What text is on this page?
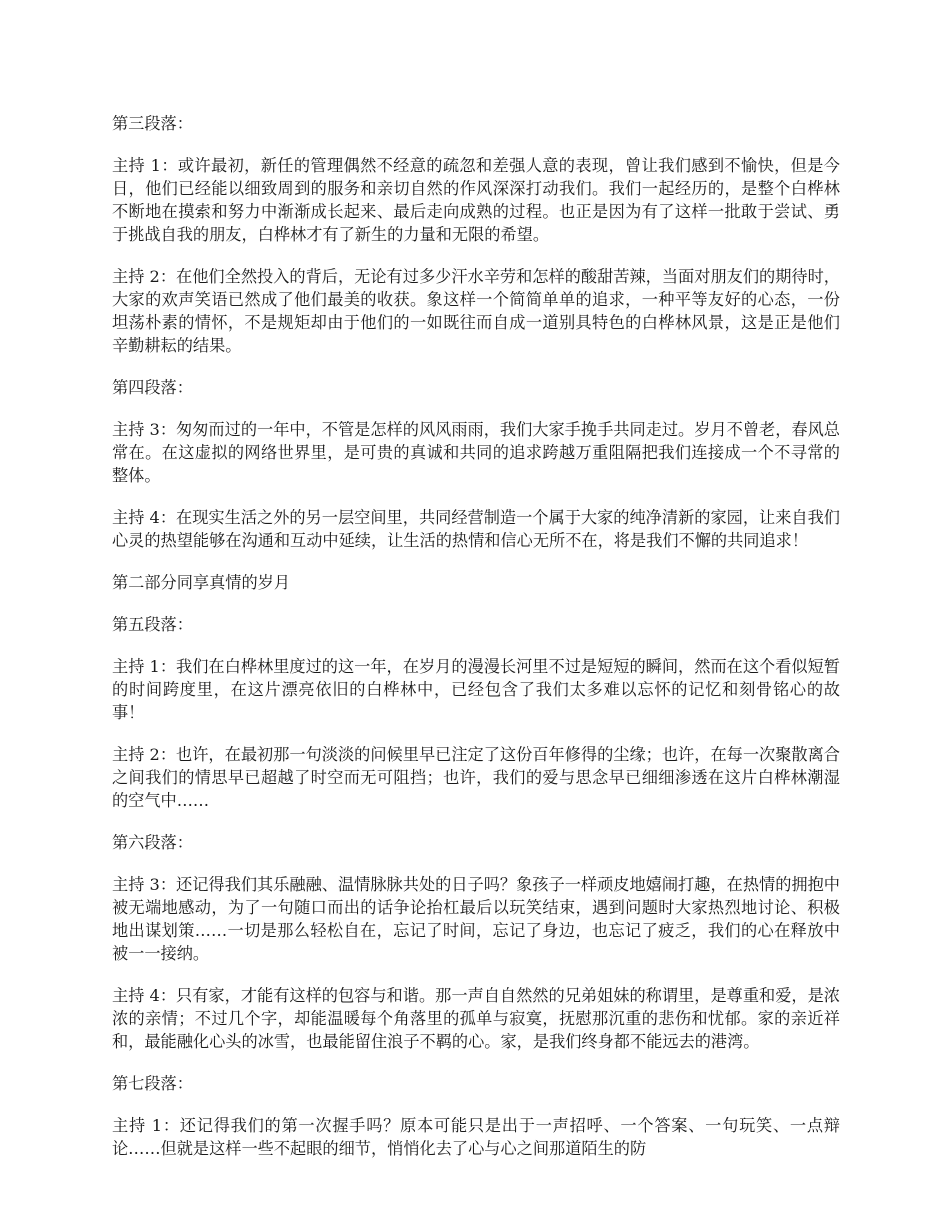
第三段落：

主持 1：或许最初，新任的管理偶然不经意的疏忽和差强人意的表现，曾让我们感到不愉快，但是今日，他们已经能以细致周到的服务和亲切自然的作风深深打动我们。我们一起经历的，是整个白桦林不断地在摸索和努力中渐渐成长起来、最后走向成熟的过程。也正是因为有了这样一批敢于尝试、勇于挑战自我的朋友，白桦林才有了新生的力量和无限的希望。

主持 2：在他们全然投入的背后，无论有过多少汗水辛劳和怎样的酸甜苦辣，当面对朋友们的期待时，大家的欢声笑语已然成了他们最美的收获。象这样一个简简单单的追求，一种平等友好的心态，一份坦荡朴素的情怀，不是规矩却由于他们的一如既往而自成一道别具特色的白桦林风景，这是正是他们辛勤耕耘的结果。

第四段落：

主持 3：匆匆而过的一年中，不管是怎样的风风雨雨，我们大家手挽手共同走过。岁月不曾老，春风总常在。在这虚拟的网络世界里，是可贵的真诚和共同的追求跨越万重阻隔把我们连接成一个不寻常的整体。

主持 4：在现实生活之外的另一层空间里，共同经营制造一个属于大家的纯净清新的家园，让来自我们心灵的热望能够在沟通和互动中延续，让生活的热情和信心无所不在，将是我们不懈的共同追求！

第二部分同享真情的岁月

第五段落：

主持 1：我们在白桦林里度过的这一年，在岁月的漫漫长河里不过是短短的瞬间，然而在这个看似短暂的时间跨度里，在这片漂亮依旧的白桦林中，已经包含了我们太多难以忘怀的记忆和刻骨铭心的故事！

主持 2：也许，在最初那一句淡淡的问候里早已注定了这份百年修得的尘缘；也许，在每一次聚散离合之间我们的情思早已超越了时空而无可阻挡；也许，我们的爱与思念早已细细渗透在这片白桦林潮湿的空气中……

第六段落：

主持 3：还记得我们其乐融融、温情脉脉共处的日子吗？象孩子一样顽皮地嬉闹打趣，在热情的拥抱中被无端地感动，为了一句随口而出的话争论抬杠最后以玩笑结束，遇到问题时大家热烈地讨论、积极地出谋划策……一切是那么轻松自在，忘记了时间，忘记了身边，也忘记了疲乏，我们的心在释放中被一一接纳。

主持 4：只有家，才能有这样的包容与和谐。那一声自自然然的兄弟姐妹的称谓里，是尊重和爱，是浓浓的亲情；不过几个字，却能温暖每个角落里的孤单与寂寞，抚慰那沉重的悲伤和忧郁。家的亲近祥和，最能融化心头的冰雪，也最能留住浪子不羁的心。家，是我们终身都不能远去的港湾。

第七段落：

主持 1：还记得我们的第一次握手吗？原本可能只是出于一声招呼、一个答案、一句玩笑、一点辩论……但就是这样一些不起眼的细节，悄悄化去了心与心之间那道陌生的防
